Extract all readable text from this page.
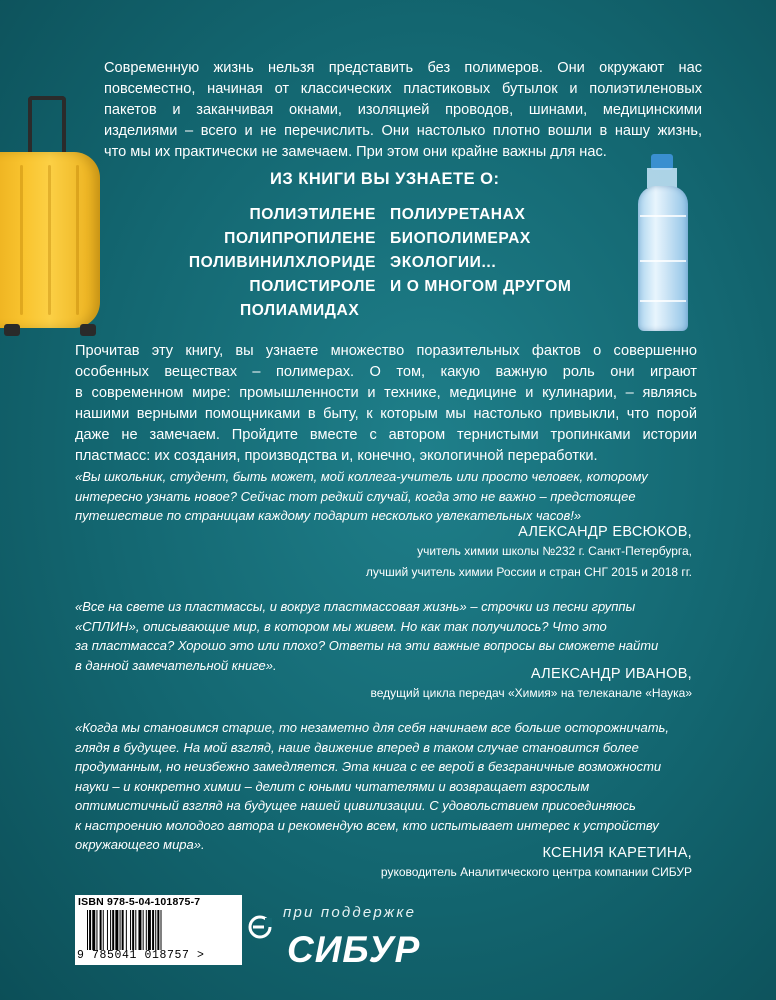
Современную жизнь нельзя представить без полимеров. Они окружают нас
повсеместно, начиная от классических пластиковых бутылок и полиэтиленовых
пакетов и заканчивая окнами, изоляцией проводов, шинами, медицинскими
изделиями – всего и не перечислить. Они настолько плотно вошли в нашу жизнь,
что мы их практически не замечаем. При этом они крайне важны для нас.
ИЗ КНИГИ ВЫ УЗНАЕТЕ О:
ПОЛИЭТИЛЕНЕ
ПОЛИПРОПИЛЕНЕ
ПОЛИВИНИЛХЛОРИДЕ
ПОЛИСТИРОЛЕ
ПОЛИУРЕТАНАХ
БИОПОЛИМЕРАХ
ЭКОЛОГИИ...
И О МНОГОМ ДРУГОМ
ПОЛИАМИДАХ
Прочитав эту книгу, вы узнаете множество поразительных фактов о совершенно
особенных веществах – полимерах. О том, какую важную роль они играют
в современном мире: промышленности и технике, медицине и кулинарии, – являясь
нашими верными помощниками в быту, к которым мы настолько привыкли, что порой
даже не замечаем. Пройдите вместе с автором тернистыми тропинками истории
пластмасс: их создания, производства и, конечно, экологичной переработки.
«Вы школьник, студент, быть может, мой коллега-учитель или просто человек, которому
интересно узнать новое? Сейчас тот редкий случай, когда это не важно – предстоящее
путешествие по страницам каждому подарит несколько увлекательных часов!»
АЛЕКСАНДР ЕВСЮКОВ,
учитель химии школы №232 г. Санкт-Петербурга,
лучший учитель химии России и стран СНГ 2015 и 2018 гг.
«Все на свете из пластмассы, и вокруг пластмассовая жизнь» – строчки из песни группы
«СПЛИН», описывающие мир, в котором мы живем. Но как так получилось? Что это
за пластмасса? Хорошо это или плохо? Ответы на эти важные вопросы вы сможете найти
в данной замечательной книге».
АЛЕКСАНДР ИВАНОВ,
ведущий цикла передач «Химия» на телеканале «Наука»
«Когда мы становимся старше, то незаметно для себя начинаем все больше осторожничать,
глядя в будущее. На мой взгляд, наше движение вперед в таком случае становится более
продуманным, но неизбежно замедляется. Эта книга с ее верой в безграничные возможности
науки – и конкретно химии – делит с юными читателями и возвращает взрослым
оптимистичный взгляд на будущее нашей цивилизации. С удовольствием присоединяюсь
к настроению молодого автора и рекомендую всем, кто испытывает интерес к устройству
окружающего мира».
КСЕНИЯ КАРЕТИНА,
руководитель Аналитического центра компании СИБУР
ISBN 978-5-04-101875-7
9 785041 018757 >
при поддержке
СИБУР
